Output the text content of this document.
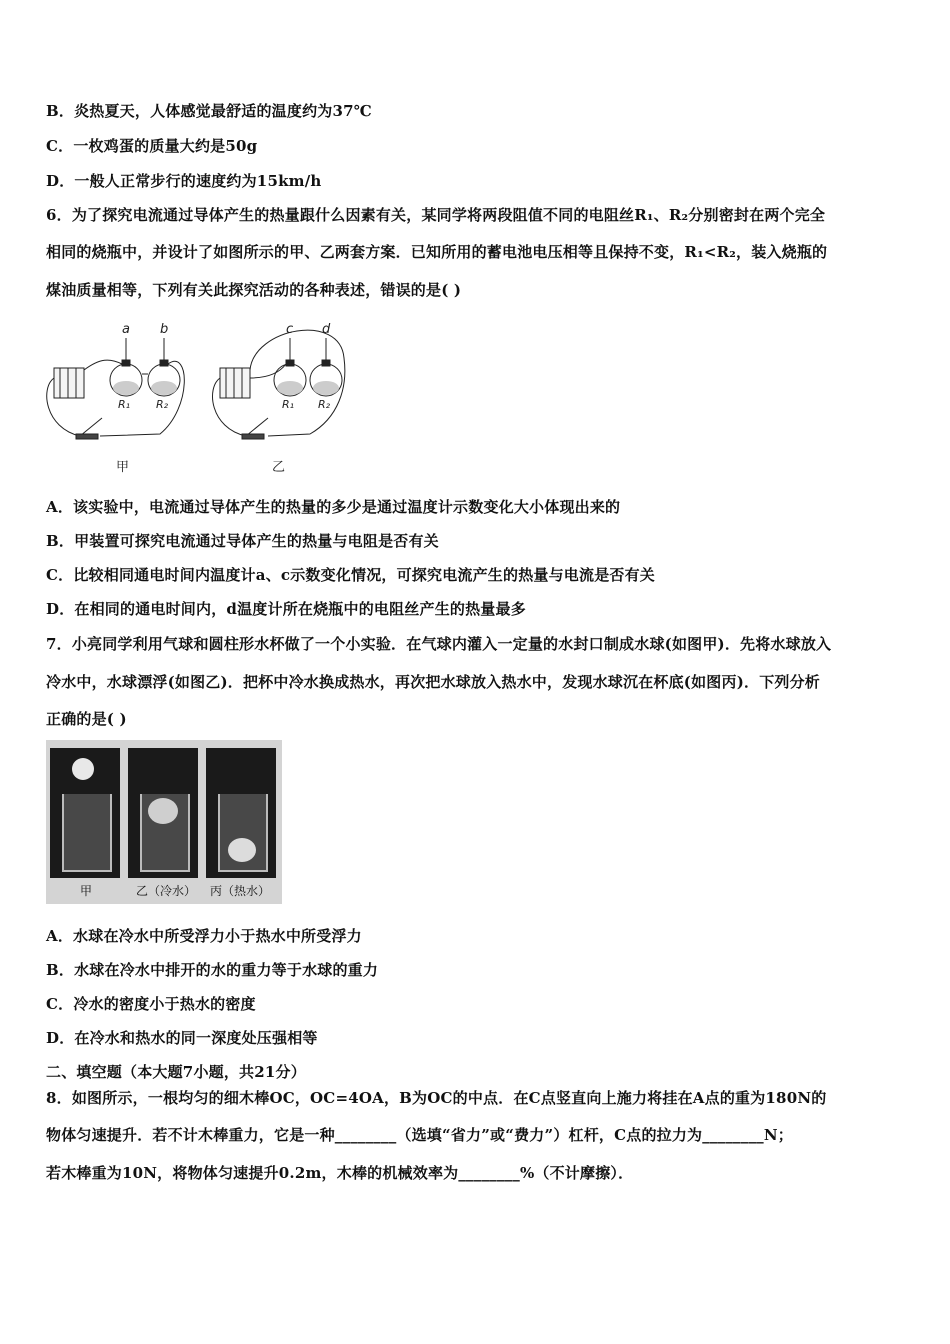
B．炎热夏天，人体感觉最舒适的温度约为37℃
C．一枚鸡蛋的质量大约是50g
D．一般人正常步行的速度约为15km/h
6．为了探究电流通过导体产生的热量跟什么因素有关，某同学将两段阻值不同的电阻丝R₁、R₂分别密封在两个完全
相同的烧瓶中，并设计了如图所示的甲、乙两套方案．已知所用的蓄电池电压相等且保持不变，R₁<R₂，装入烧瓶的
煤油质量相等，下列有关此探究活动的各种表述，错误的是( )
a b
R₁ R₂
c d
R₁ R₂
甲	乙
A．该实验中，电流通过导体产生的热量的多少是通过温度计示数变化大小体现出来的
B．甲装置可探究电流通过导体产生的热量与电阻是否有关
C．比较相同通电时间内温度计a、c示数变化情况，可探究电流产生的热量与电流是否有关
D．在相同的通电时间内，d温度计所在烧瓶中的电阻丝产生的热量最多
7．小亮同学利用气球和圆柱形水杯做了一个小实验．在气球内灌入一定量的水封口制成水球(如图甲)．先将水球放入
冷水中，水球漂浮(如图乙)．把杯中冷水换成热水，再次把水球放入热水中，发现水球沉在杯底(如图丙)．下列分析
正确的是( )
甲	乙（冷水） 丙（热水）
A．水球在冷水中所受浮力小于热水中所受浮力
B．水球在冷水中排开的水的重力等于水球的重力
C．冷水的密度小于热水的密度
D．在冷水和热水的同一深度处压强相等
二、填空题（本大题7小题，共21分）
8．如图所示，一根均匀的细木棒OC，OC=4OA，B为OC的中点．在C点竖直向上施力将挂在A点的重为180N的
物体匀速提升．若不计木棒重力，它是一种________（选填“省力”或“费力”）杠杆，C点的拉力为________N；
若木棒重为10N，将物体匀速提升0.2m，木棒的机械效率为________%（不计摩擦）．
